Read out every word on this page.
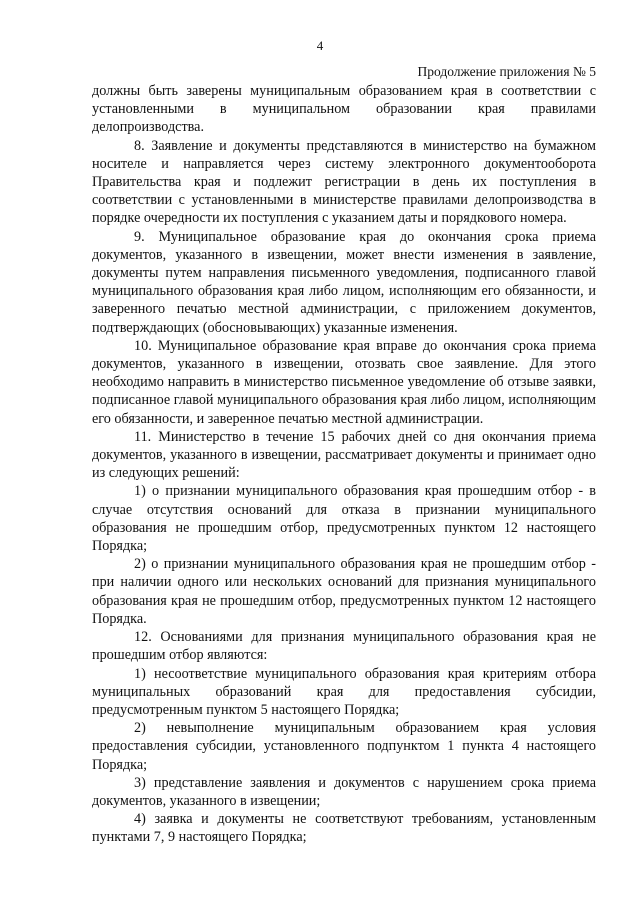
4
Продолжение приложения № 5

должны быть заверены муниципальным образованием края в соответствии с установленными в муниципальном образовании края правилами делопроизводства.

8. Заявление и документы представляются в министерство на бумажном носителе и направляется через систему электронного документооборота Правительства края и подлежит регистрации в день их поступления в соответствии с установленными в министерстве правилами делопроизводства в порядке очередности их поступления с указанием даты и порядкового номера.

9. Муниципальное образование края до окончания срока приема документов, указанного в извещении, может внести изменения в заявление, документы путем направления письменного уведомления, подписанного главой муниципального образования края либо лицом, исполняющим его обязанности, и заверенного печатью местной администрации, с приложением документов, подтверждающих (обосновывающих) указанные изменения.

10. Муниципальное образование края вправе до окончания срока приема документов, указанного в извещении, отозвать свое заявление. Для этого необходимо направить в министерство письменное уведомление об отзыве заявки, подписанное главой муниципального образования края либо лицом, исполняющим его обязанности, и заверенное печатью местной администрации.

11. Министерство в течение 15 рабочих дней со дня окончания приема документов, указанного в извещении, рассматривает документы и принимает одно из следующих решений:

1) о признании муниципального образования края прошедшим отбор - в случае отсутствия оснований для отказа в признании муниципального образования не прошедшим отбор, предусмотренных пунктом 12 настоящего Порядка;

2) о признании муниципального образования края не прошедшим отбор - при наличии одного или нескольких оснований для признания муниципального образования края не прошедшим отбор, предусмотренных пунктом 12 настоящего Порядка.

12. Основаниями для признания муниципального образования края не прошедшим отбор являются:

1) несоответствие муниципального образования края критериям отбора муниципальных образований края для предоставления субсидии, предусмотренным пунктом 5 настоящего Порядка;

2) невыполнение муниципальным образованием края условия предоставления субсидии, установленного подпунктом 1 пункта 4 настоящего Порядка;

3) представление заявления и документов с нарушением срока приема документов, указанного в извещении;

4) заявка и документы не соответствуют требованиям, установленным пунктами 7, 9 настоящего Порядка;
